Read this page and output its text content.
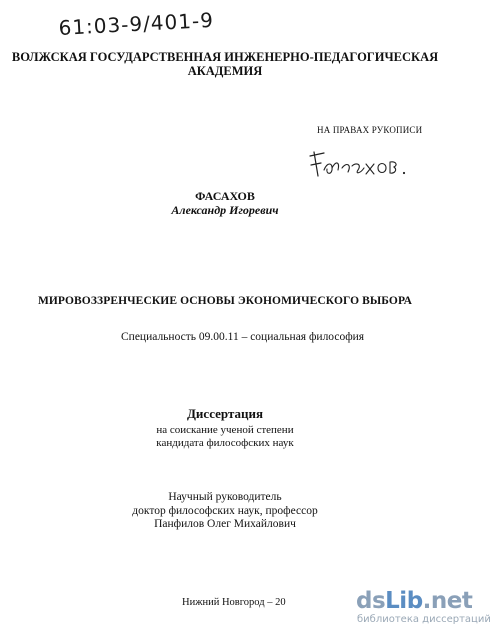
61:03-9/401-9
ВОЛЖСКАЯ ГОСУДАРСТВЕННАЯ ИНЖЕНЕРНО-ПЕДАГОГИЧЕСКАЯ
АКАДЕМИЯ
НА ПРАВАХ РУКОПИСИ
ФАСАХОВ
Александр Игоревич
МИРОВОЗЗРЕНЧЕСКИЕ ОСНОВЫ ЭКОНОМИЧЕСКОГО ВЫБОРА
Специальность 09.00.11 – социальная философия
Диссертация
на соискание ученой степени
кандидата философских наук
Научный руководитель
доктор философских наук, профессор
Панфилов Олег Михайлович
Нижний Новгород – 20	dsLib.net
библиотека диссертаций
